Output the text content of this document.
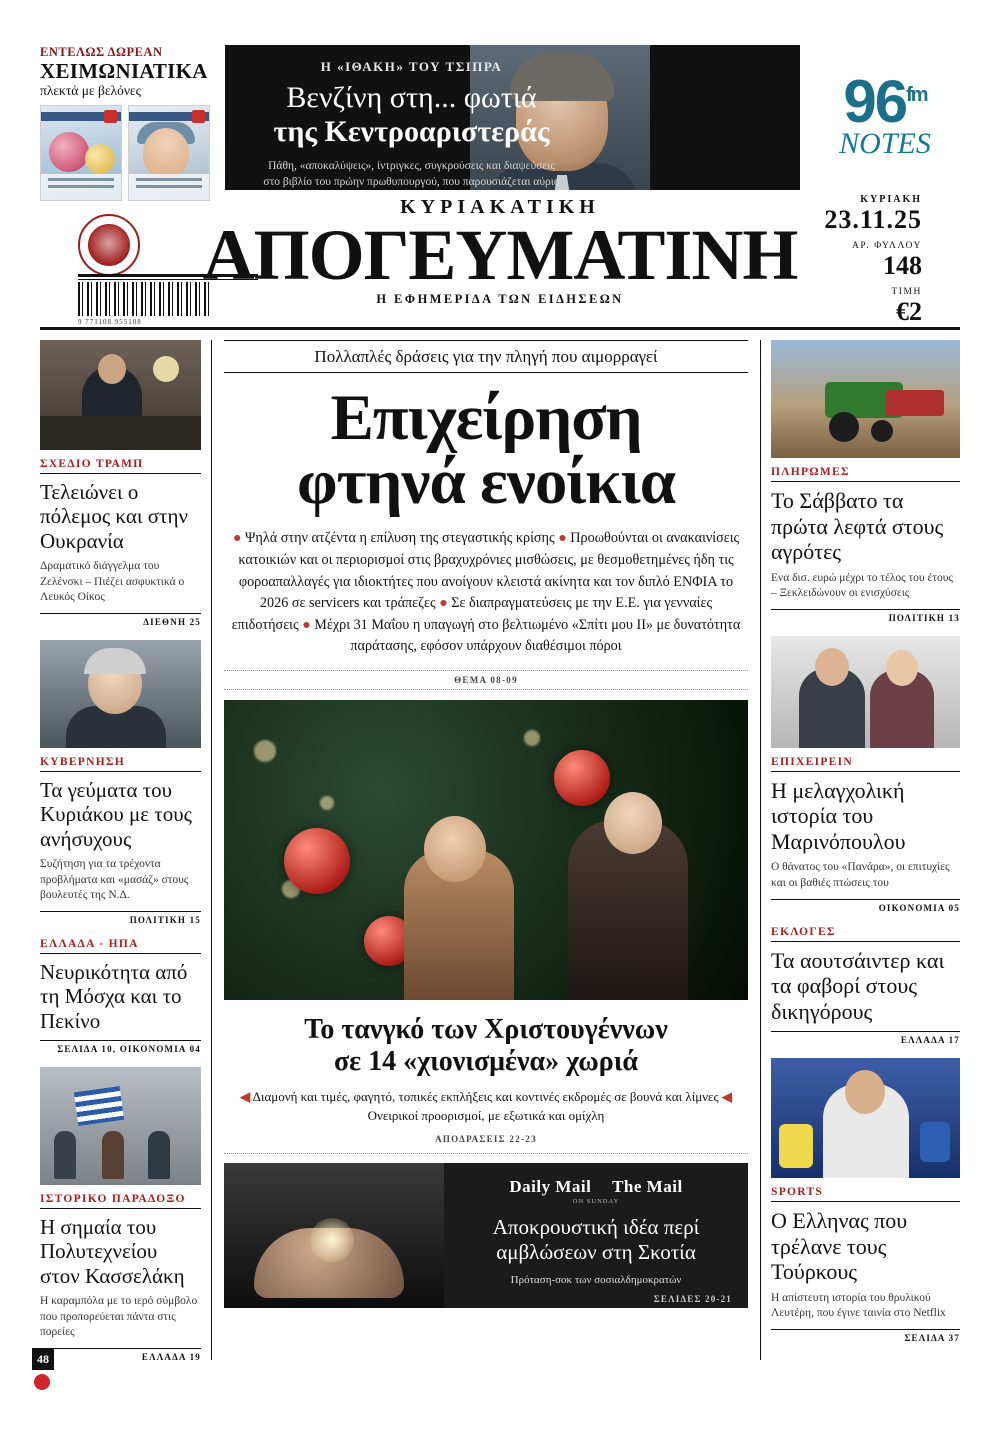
ΕΝΤΕΛΩΣ ΔΩΡΕΑΝ
ΧΕΙΜΩΝΙΑΤΙΚΑ
πλεκτά με βελόνες
Η «ΙΘΑΚΗ» ΤΟΥ ΤΣΙΠΡΑ
Βενζίνη στη... φωτιά
της Κεντροαριστεράς
Πάθη, «αποκαλύψεις», ίντριγκες, συγκρούσεις και διαψεύσεις
στο βιβλίο του πρώην πρωθυπουργού, που παρουσιάζεται αύριο
$96^{fm}$
ΝΟΤΕS
9 771108 955108
ΚΥΡΙΑΚΑΤΙΚΗ
ΑΠΟΓΕΥΜΑΤΙΝΗ
Η ΕΦΗΜΕΡΙΔΑ ΤΩΝ ΕΙΔΗΣΕΩΝ
ΚΥΡΙΑΚΗ
23.11.25
ΑΡ. ΦΥΛΛΟΥ
148
ΤΙΜΗ
€2
ΣΧΕΔΙΟ ΤΡΑΜΠ
Τελειώνει ο πόλεμος και στην Ουκρανία
Δραματικό διάγγελμα του Ζελένσκι – Πιέζει ασφυκτικά ο Λευκός Οίκος
ΔΙΕΘΝΗ 25
ΚΥΒΕΡΝΗΣΗ
Τα γεύματα του Κυριάκου με τους ανήσυχους
Συζήτηση για τα τρέχοντα προβλήματα και «μασάζ» στους βουλευτές της Ν.Δ.
ΠΟΛΙΤΙΚΗ 15
ΕΛΛΑΔΑ - ΗΠΑ
Νευρικότητα από τη Μόσχα και το Πεκίνο
ΣΕΛΙΔΑ 10, ΟΙΚΟΝΟΜΙΑ 04
ΙΣΤΟΡΙΚΟ ΠΑΡΑΔΟΞΟ
Η σημαία του Πολυτεχνείου στον Κασσελάκη
Η καραμπόλα με το ιερό σύμβολο που προπορεύεται πάντα στις πορείες
ΕΛΛΑΔΑ 19
Πολλαπλές δράσεις για την πληγή που αιμορραγεί
Επιχείρηση
φτηνά ενοίκια
● Ψηλά στην ατζέντα η επίλυση της στεγαστικής κρίσης ● Προωθούνται οι ανακαινίσεις κατοικιών και οι περιορισμοί στις βραχυχρόνιες μισθώσεις, με θεσμοθετημένες ήδη τις φοροαπαλλαγές για ιδιοκτήτες που ανοίγουν κλειστά ακίνητα και τον διπλό ΕΝΦΙΑ το 2026 σε servicers και τράπεζες ● Σε διαπραγματεύσεις με την Ε.Ε. για γενναίες επιδοτήσεις ● Μέχρι 31 Μαΐου η υπαγωγή στο βελτιωμένο «Σπίτι μου ΙΙ» με δυνατότητα παράτασης, εφόσον υπάρχουν διαθέσιμοι πόροι
ΘΕΜΑ 08-09
Το τανγκό των Χριστουγέννων
σε 14 «χιονισμένα» χωριά
◀ Διαμονή και τιμές, φαγητό, τοπικές εκπλήξεις και κοντινές εκδρομές σε βουνά και λίμνες ◀ Ονειρικοί προορισμοί, με εξωτικά και ομίχλη
ΑΠΟΔΡΑΣΕΙΣ 22-23
Daily Mail The Mail
ON SUNDAY
Αποκρουστική ιδέα περί
αμβλώσεων στη Σκοτία
Πρόταση-σοκ των σοσιαλδημοκρατών
ΣΕΛΙΔΕΣ 20-21
ΠΛΗΡΩΜΕΣ
Το Σάββατο τα πρώτα λεφτά στους αγρότες
Ενα δισ. ευρώ μέχρι το τέλος του έτους – Ξεκλειδώνουν οι ενισχύσεις
ΠΟΛΙΤΙΚΗ 13
ΕΠΙΧΕΙΡΕΙΝ
Η μελαγχολική ιστορία του Μαρινόπουλου
Ο θάνατος του «Πανάρα», οι επιτυχίες και οι βαθιές πτώσεις του
ΟΙΚΟΝΟΜΙΑ 05
ΕΚΛΟΓΕΣ
Τα αουτσάιντερ και τα φαβορί στους δικηγόρους
ΕΛΛΑΔΑ 17
SPORTS
Ο Ελληνας που τρέλανε τους Τούρκους
Η απίστευτη ιστορία του θρυλικού Λευτέρη, που έγινε ταινία στο Netflix
ΣΕΛΙΔΑ 37
48
